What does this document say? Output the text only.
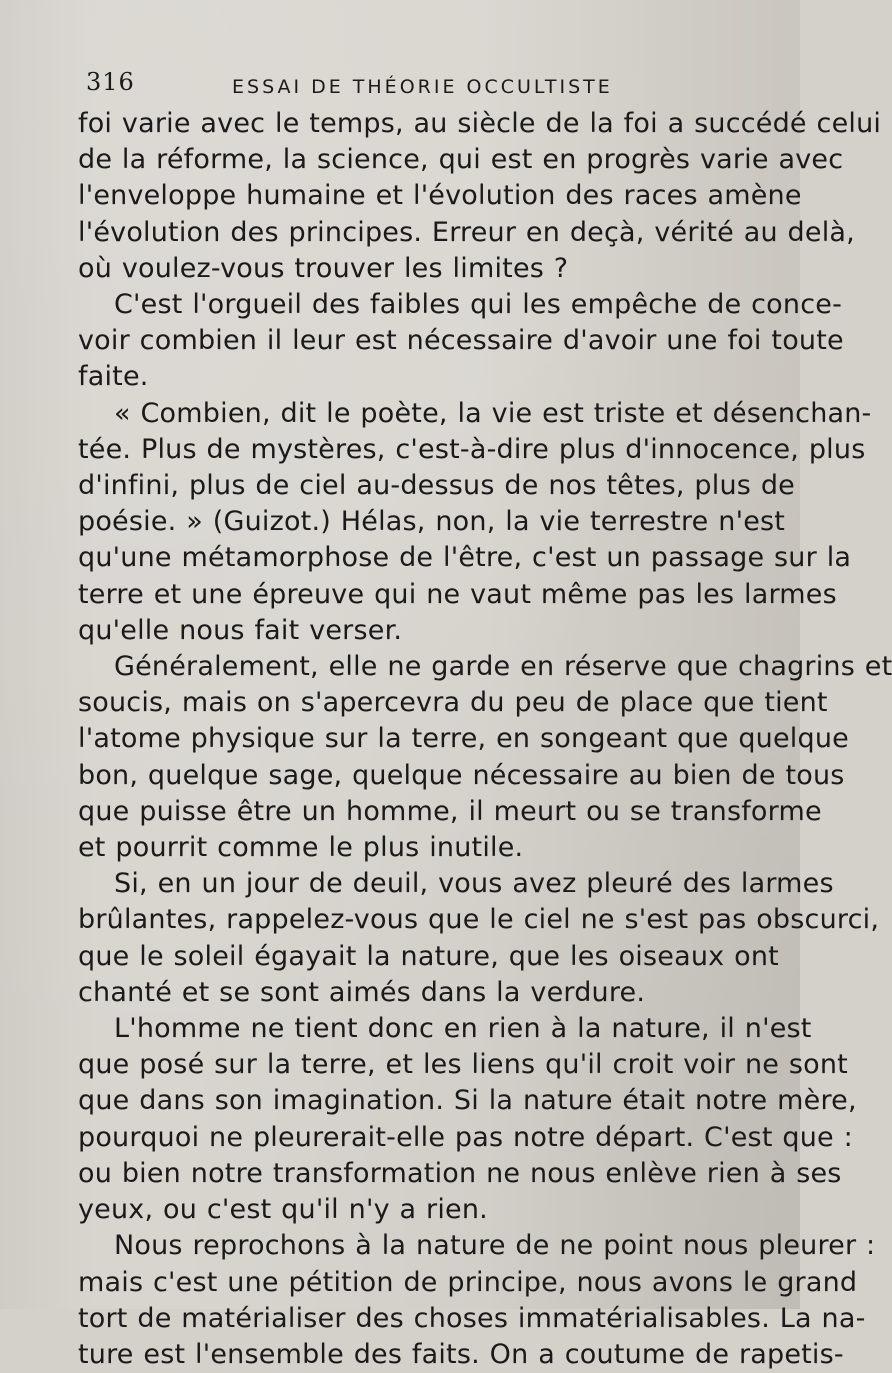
316	ESSAI DE THÉORIE OCCULTISTE
foi varie avec le temps, au siècle de la foi a succédé celui
de la réforme, la science, qui est en progrès varie avec
l'enveloppe humaine et l'évolution des races amène
l'évolution des principes. Erreur en deçà, vérité au delà,
où voulez-vous trouver les limites ?
C'est l'orgueil des faibles qui les empêche de conce-
voir combien il leur est nécessaire d'avoir une foi toute
faite.
« Combien, dit le poète, la vie est triste et désenchan-
tée. Plus de mystères, c'est-à-dire plus d'innocence, plus
d'infini, plus de ciel au-dessus de nos têtes, plus de
poésie. » (Guizot.) Hélas, non, la vie terrestre n'est
qu'une métamorphose de l'être, c'est un passage sur la
terre et une épreuve qui ne vaut même pas les larmes
qu'elle nous fait verser.
Généralement, elle ne garde en réserve que chagrins et
soucis, mais on s'apercevra du peu de place que tient
l'atome physique sur la terre, en songeant que quelque
bon, quelque sage, quelque nécessaire au bien de tous
que puisse être un homme, il meurt ou se transforme
et pourrit comme le plus inutile.
Si, en un jour de deuil, vous avez pleuré des larmes
brûlantes, rappelez-vous que le ciel ne s'est pas obscurci,
que le soleil égayait la nature, que les oiseaux ont
chanté et se sont aimés dans la verdure.
L'homme ne tient donc en rien à la nature, il n'est
que posé sur la terre, et les liens qu'il croit voir ne sont
que dans son imagination. Si la nature était notre mère,
pourquoi ne pleurerait-elle pas notre départ. C'est que :
ou bien notre transformation ne nous enlève rien à ses
yeux, ou c'est qu'il n'y a rien.
Nous reprochons à la nature de ne point nous pleurer :
mais c'est une pétition de principe, nous avons le grand
tort de matérialiser des choses immatérialisables. La na-
ture est l'ensemble des faits. On a coutume de rapetis-
